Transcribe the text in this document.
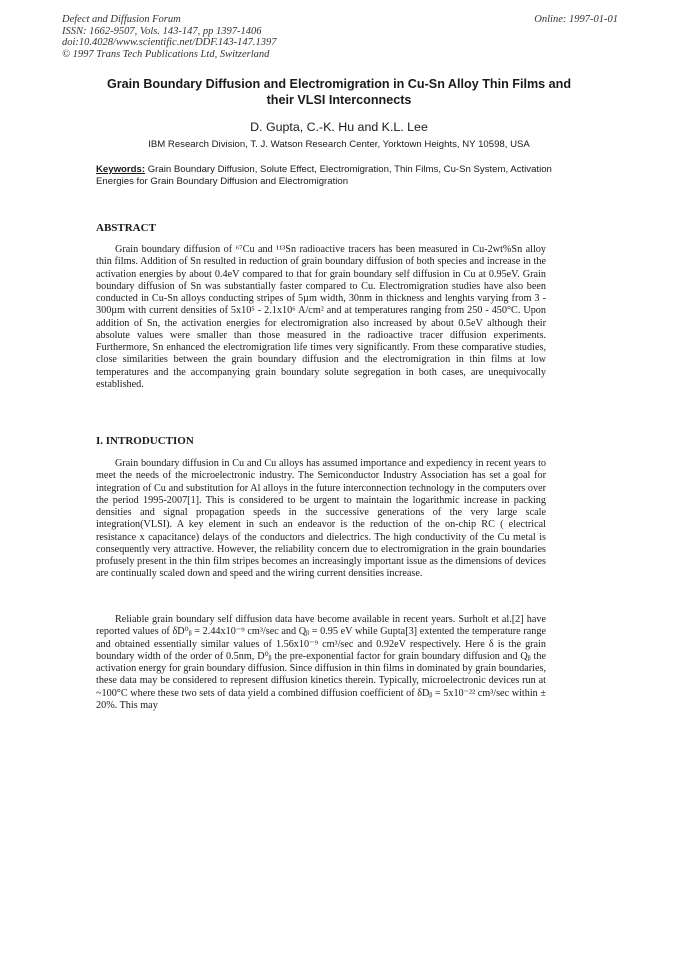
Defect and Diffusion Forum
ISSN: 1662-9507, Vols. 143-147, pp 1397-1406
doi:10.4028/www.scientific.net/DDF.143-147.1397
© 1997 Trans Tech Publications Ltd, Switzerland
Online: 1997-01-01
Grain Boundary Diffusion and Electromigration in Cu-Sn Alloy Thin Films and their VLSI Interconnects
D. Gupta, C.-K. Hu and K.L. Lee
IBM Research Division, T. J. Watson Research Center, Yorktown Heights, NY 10598, USA
Keywords: Grain Boundary Diffusion, Solute Effect, Electromigration, Thin Films, Cu-Sn System, Activation Energies for Grain Boundary Diffusion and Electromigration
ABSTRACT

Grain boundary diffusion of ⁶⁷Cu and ¹¹³Sn radioactive tracers has been measured in Cu-2wt%Sn alloy thin films. Addition of Sn resulted in reduction of grain boundary diffusion of both species and increase in the activation energies by about 0.4eV compared to that for grain boundary self diffusion in Cu at 0.95eV. Grain boundary diffusion of Sn was substantially faster compared to Cu. Electromigration studies have also been conducted in Cu-Sn alloys conducting stripes of 5µm width, 30nm in thickness and lenghts varying from 3 - 300µm with current densities of 5x10⁵ - 2.1x10⁶ A/cm² and at temperatures ranging from 250 - 450°C. Upon addition of Sn, the activation energies for electromigration also increased by about 0.5eV although their absolute values were smaller than those measured in the radioactive tracer diffusion experiments. Furthermore, Sn enhanced the electromigration life times very significantly. From these comparative studies, close similarities between the grain boundary diffusion and the electromigration in thin films at low temperatures and the accompanying grain boundary solute segregation in both cases, are unequivocally established.

I. INTRODUCTION

Grain boundary diffusion in Cu and Cu alloys has assumed importance and expediency in recent years to meet the needs of the microelectronic industry. The Semiconductor Industry Association has set a goal for integration of Cu and substitution for Al alloys in the future interconnection technology in the computers over the period 1995-2007[1]. This is considered to be urgent to maintain the logarithmic increase in packing densities and signal propagation speeds in the successive generations of the very large scale integration(VLSI). A key element in such an endeavor is the reduction of the on-chip RC ( electrical resistance x capacitance) delays of the conductors and dielectrics. The high conductivity of the Cu metal is consequently very attractive. However, the reliability concern due to electromigration in the grain boundaries profusely present in the thin film stripes becomes an increasingly important issue as the dimensions of devices are continually scaled down and speed and the wiring current densities increase.

Reliable grain boundary self diffusion data have become available in recent years. Surholt et al.[2] have reported values of δD⁰ᵦ = 2.44x10⁻⁹ cm³/sec and Qᵦ = 0.95 eV while Gupta[3] extented the temperature range and obtained essentially similar values of 1.56x10⁻⁹ cm³/sec and 0.92eV respectively. Here δ is the grain boundary width of the order of 0.5nm, D⁰ᵦ the pre-exponential factor for grain boundary diffusion and Qᵦ the activation energy for grain boundary diffusion. Since diffusion in thin films in dominated by grain boundaries, these data may be considered to represent diffusion kinetics therein. Typically, microelectronic devices run at ~100°C where these two sets of data yield a combined diffusion coefficient of δDᵦ = 5x10⁻²² cm³/sec within ± 20%. This may
